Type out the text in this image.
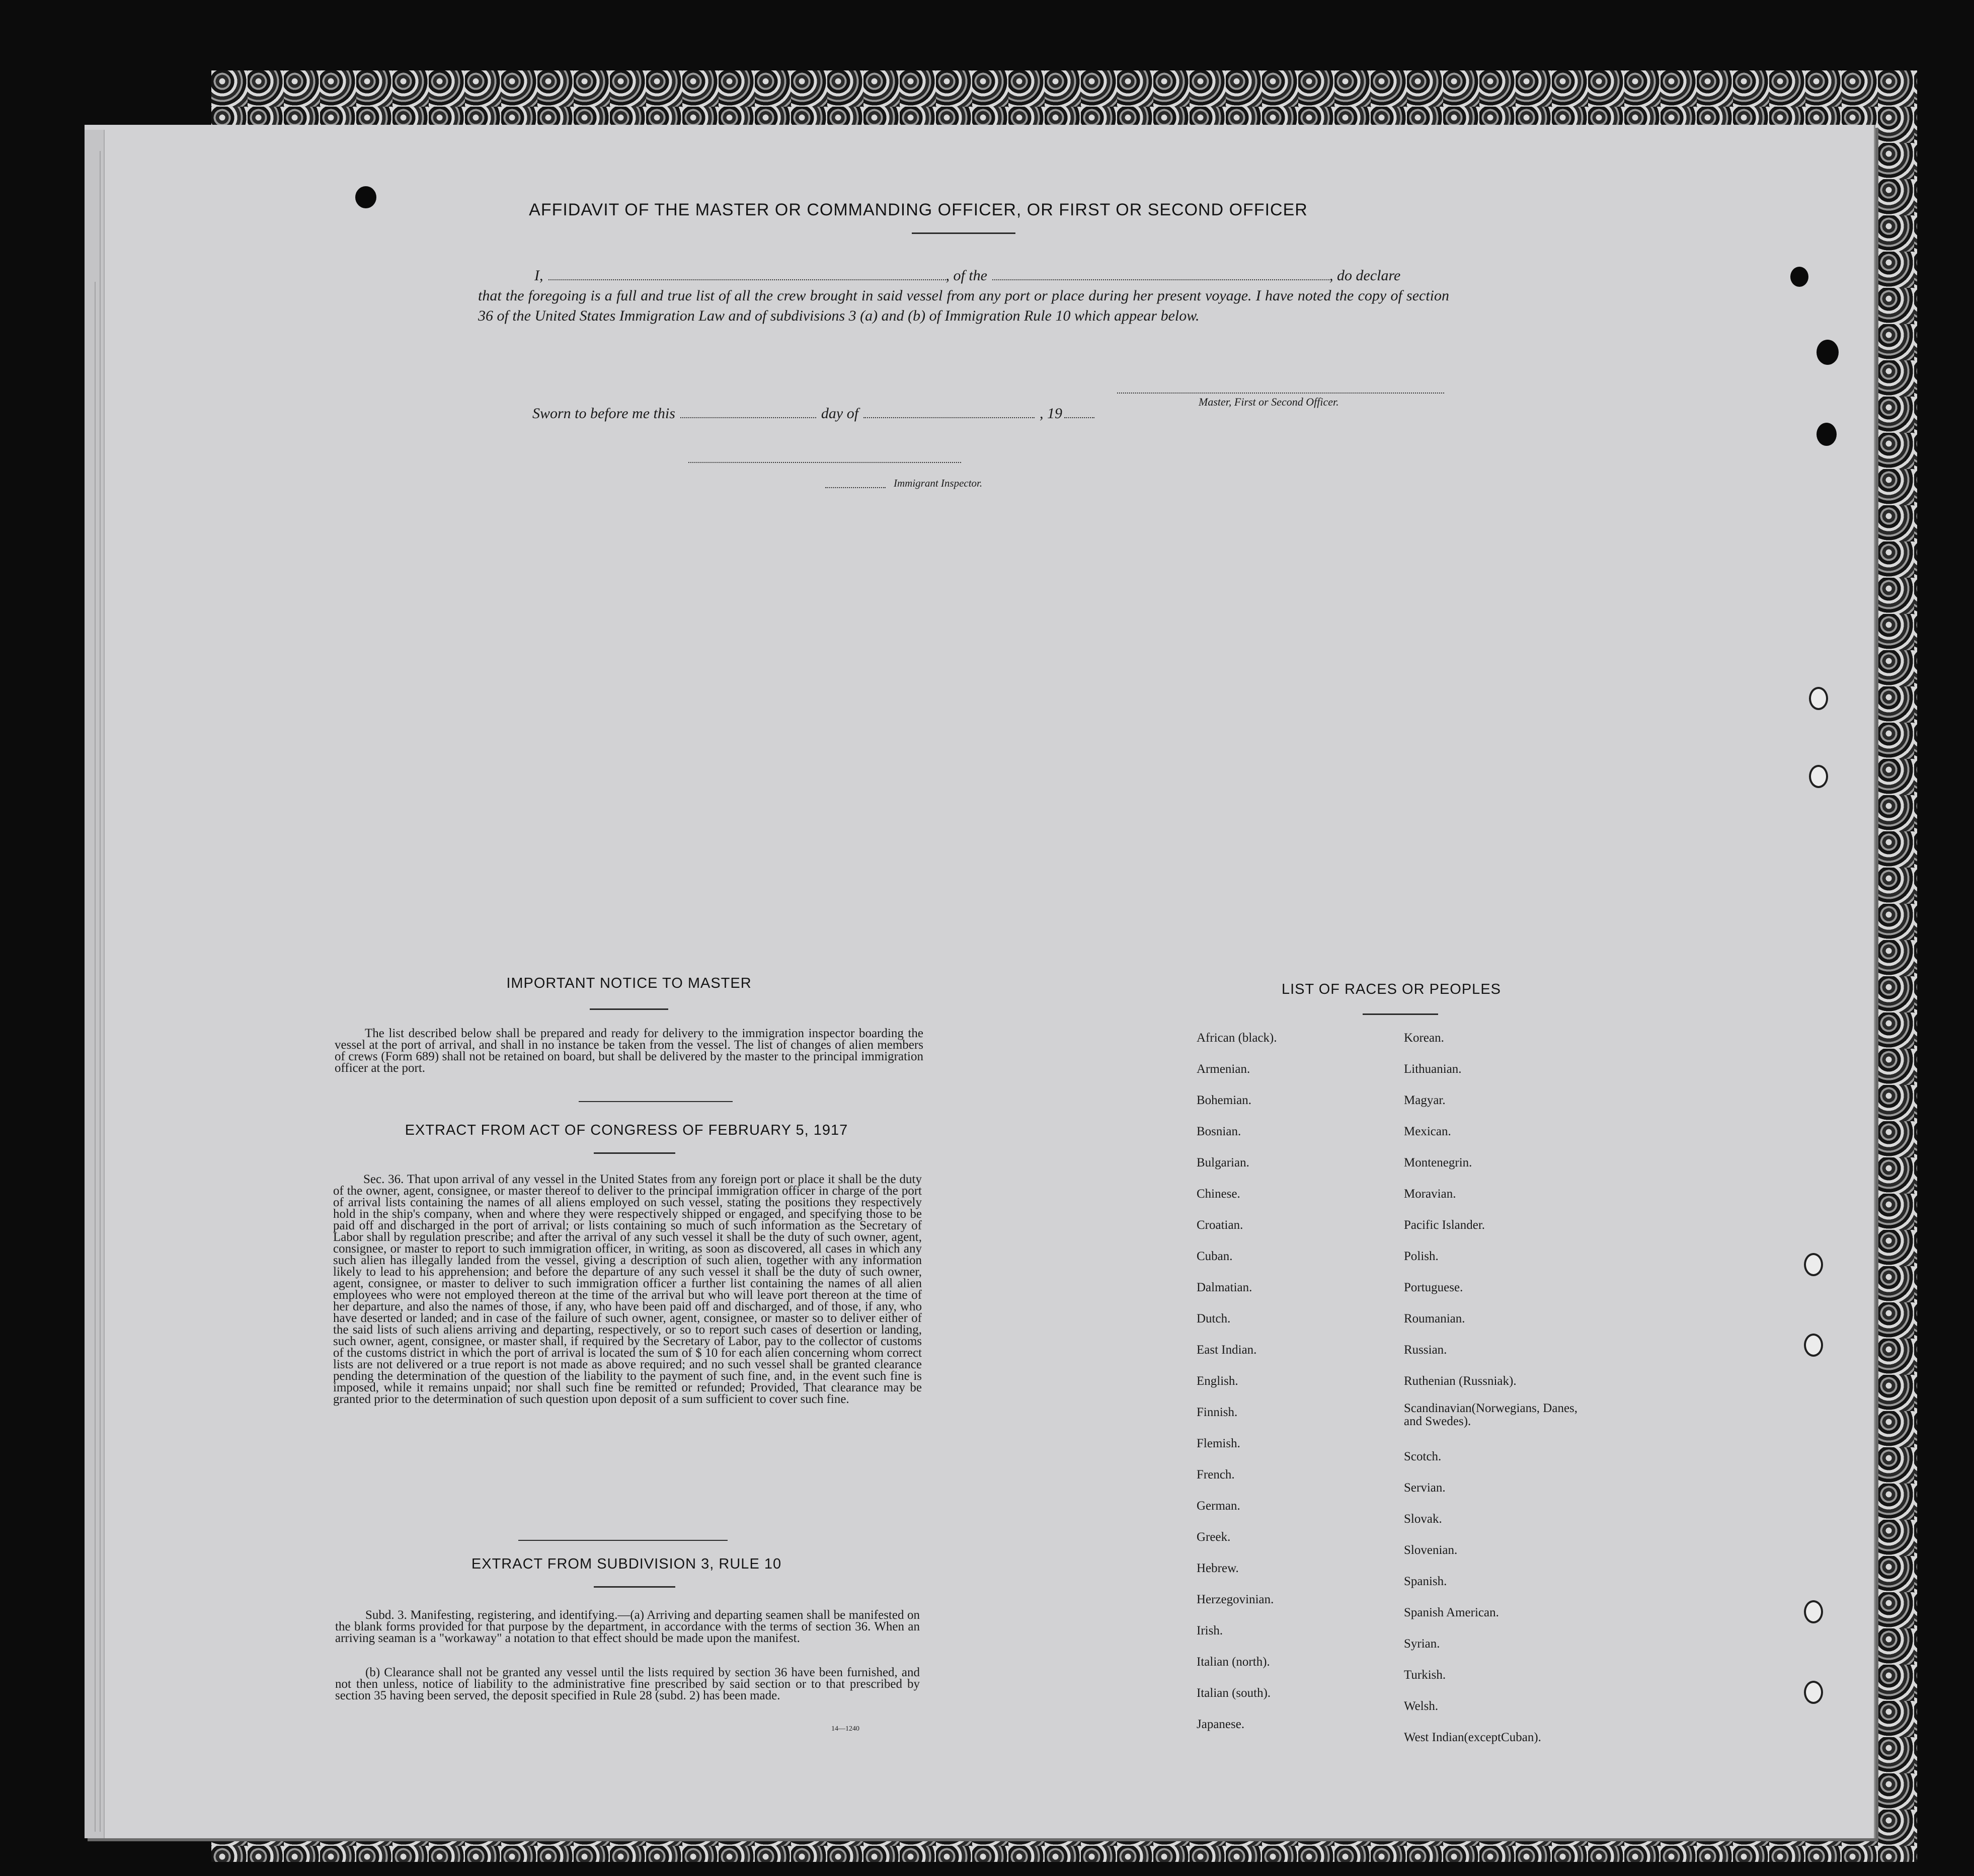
AFFIDAVIT OF THE MASTER OR COMMANDING OFFICER, OR FIRST OR SECOND OFFICER
I,	, of the	, do declare
that the foregoing is a full and true list of all the crew brought in said vessel from any port or place during her present voyage. I have noted the copy of section 36 of the United States Immigration Law and of subdivisions 3 (a) and (b) of Immigration Rule 10 which appear below.
Master, First or Second Officer.
Sworn to before me this	day of	, 19
Immigrant Inspector.
IMPORTANT NOTICE TO MASTER

The list described below shall be prepared and ready for delivery to the immigration inspector boarding the vessel at the port of arrival, and shall in no instance be taken from the vessel. The list of changes of alien members of crews (Form 689) shall not be retained on board, but shall be delivered by the master to the principal immigration officer at the port.

EXTRACT FROM ACT OF CONGRESS OF FEBRUARY 5, 1917

Sec. 36. That upon arrival of any vessel in the United States from any foreign port or place it shall be the duty of the owner, agent, consignee, or master thereof to deliver to the principal immigration officer in charge of the port of arrival lists containing the names of all aliens employed on such vessel, stating the positions they respectively hold in the ship's company, when and where they were respectively shipped or engaged, and specifying those to be paid off and discharged in the port of arrival; or lists containing so much of such information as the Secretary of Labor shall by regulation prescribe; and after the arrival of any such vessel it shall be the duty of such owner, agent, consignee, or master to report to such immigration officer, in writing, as soon as discovered, all cases in which any such alien has illegally landed from the vessel, giving a description of such alien, together with any information likely to lead to his apprehension; and before the departure of any such vessel it shall be the duty of such owner, agent, consignee, or master to deliver to such immigration officer a further list containing the names of all alien employees who were not employed thereon at the time of the arrival but who will leave port thereon at the time of her departure, and also the names of those, if any, who have been paid off and discharged, and of those, if any, who have deserted or landed; and in case of the failure of such owner, agent, consignee, or master so to deliver either of the said lists of such aliens arriving and departing, respectively, or so to report such cases of desertion or landing, such owner, agent, consignee, or master shall, if required by the Secretary of Labor, pay to the collector of customs of the customs district in which the port of arrival is located the sum of $ 10 for each alien concerning whom correct lists are not delivered or a true report is not made as above required; and no such vessel shall be granted clearance pending the determination of the question of the liability to the payment of such fine, and, in the event such fine is imposed, while it remains unpaid; nor shall such fine be remitted or refunded; Provided, That clearance may be granted prior to the determination of such question upon deposit of a sum sufficient to cover such fine.

EXTRACT FROM SUBDIVISION 3, RULE 10

Subd. 3. Manifesting, registering, and identifying.—(a) Arriving and departing seamen shall be manifested on the blank forms provided for that purpose by the department, in accordance with the terms of section 36. When an arriving seaman is a "workaway" a notation to that effect should be made upon the manifest.

(b) Clearance shall not be granted any vessel until the lists required by section 36 have been furnished, and not then unless, notice of liability to the administrative fine prescribed by said section or to that prescribed by section 35 having been served, the deposit specified in Rule 28 (subd. 2) has been made.

14—1240
LIST OF RACES OR PEOPLES
African (black).
Armenian.
Bohemian.
Bosnian.
Bulgarian.
Chinese.
Croatian.
Cuban.
Dalmatian.
Dutch.
East Indian.
English.
Finnish.
Flemish.
French.
German.
Greek.
Hebrew.
Herzegovinian.
Irish.
Italian (north).
Italian (south).
Japanese.
Korean.
Lithuanian.
Magyar.
Mexican.
Montenegrin.
Moravian.
Pacific Islander.
Polish.
Portuguese.
Roumanian.
Russian.
Ruthenian (Russniak).
Scandinavian(Norwegians, Danes, and Swedes).
Scotch.
Servian.
Slovak.
Slovenian.
Spanish.
Spanish American.
Syrian.
Turkish.
Welsh.
West Indian(exceptCuban).
